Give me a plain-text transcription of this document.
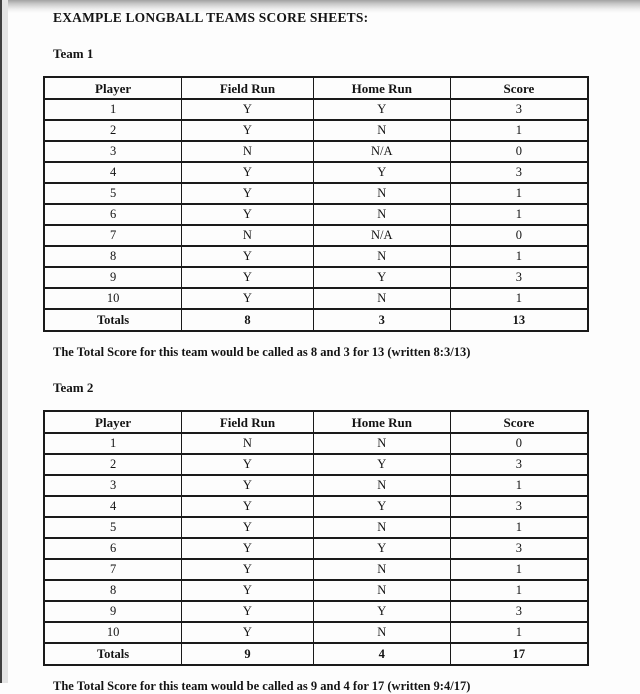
EXAMPLE LONGBALL TEAMS SCORE SHEETS:
Team 1
Player	Field Run	Home Run	Score
1	Y	Y	3
2	Y	N	1
3	N	N/A	0
4	Y	Y	3
5	Y	N	1
6	Y	N	1
7	N	N/A	0
8	Y	N	1
9	Y	Y	3
10	Y	N	1
Totals	8	3	13
The Total Score for this team would be called as 8 and 3 for 13 (written 8:3/13)
Team 2
Player	Field Run	Home Run	Score
1	N	N	0
2	Y	Y	3
3	Y	N	1
4	Y	Y	3
5	Y	N	1
6	Y	Y	3
7	Y	N	1
8	Y	N	1
9	Y	Y	3
10	Y	N	1
Totals	9	4	17
The Total Score for this team would be called as 9 and 4 for 17 (written 9:4/17)
